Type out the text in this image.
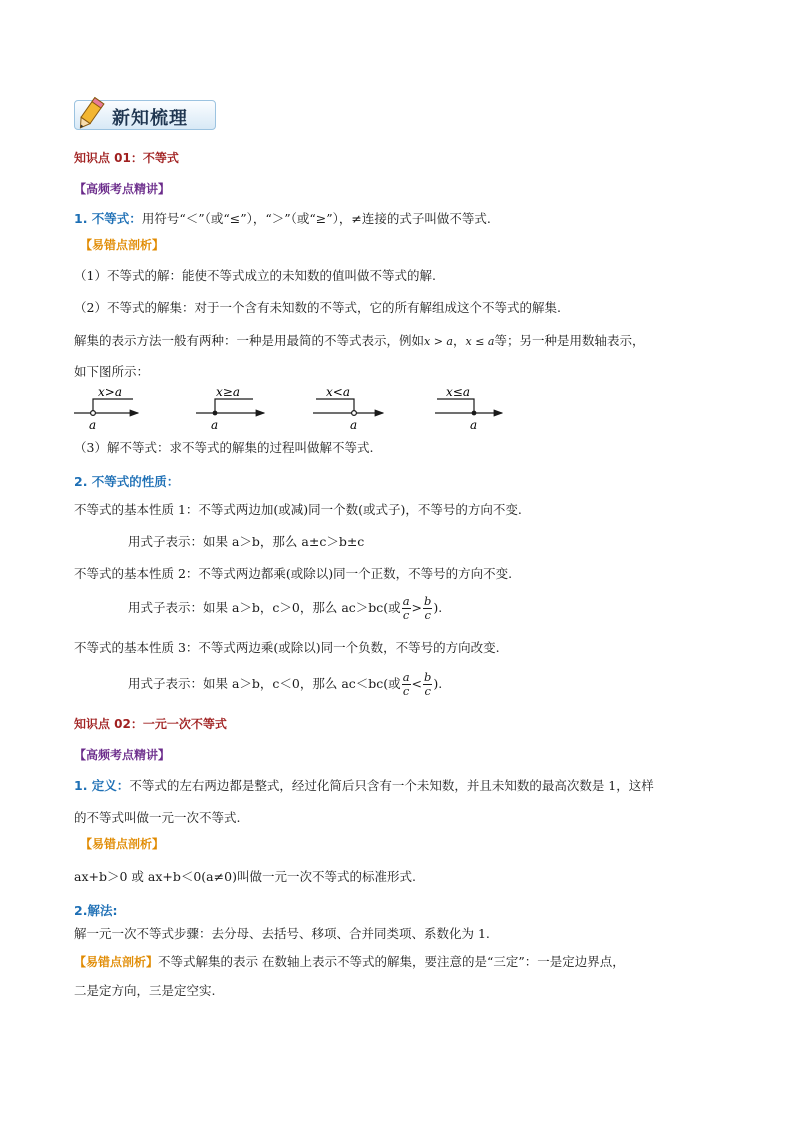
新知梳理
知识点 01：不等式
【高频考点精讲】
1. 不等式：用符号“＜”（或“≤”），“＞”（或“≥”），≠连接的式子叫做不等式.
【易错点剖析】
（1）不等式的解：能使不等式成立的未知数的值叫做不等式的解.
（2）不等式的解集：对于一个含有未知数的不等式，它的所有解组成这个不等式的解集.
解集的表示方法一般有两种：一种是用最简的不等式表示，例如x > a，x ≤ a等；另一种是用数轴表示，
如下图所示：
x>a
a
x≥a
a
x<a
a
x≤a
a
（3）解不等式：求不等式的解集的过程叫做解不等式.
2. 不等式的性质：
不等式的基本性质 1：不等式两边加(或减)同一个数(或式子)，不等号的方向不变.
用式子表示：如果 a＞b，那么 a±c＞b±c
不等式的基本性质 2：不等式两边都乘(或除以)同一个正数，不等号的方向不变.
用式子表示：如果 a＞b，c＞0，那么 ac＞bc(或 $\frac{a}{c} > \frac{b}{c}$ ).
不等式的基本性质 3：不等式两边乘(或除以)同一个负数，不等号的方向改变.
用式子表示：如果 a＞b，c＜0，那么 ac＜bc(或 $\frac{a}{c} < \frac{b}{c}$ ).
知识点 02：一元一次不等式
【高频考点精讲】
1. 定义：不等式的左右两边都是整式，经过化简后只含有一个未知数，并且未知数的最高次数是 1，这样
的不等式叫做一元一次不等式.
【易错点剖析】
ax+b＞0 或 ax+b＜0(a≠0)叫做一元一次不等式的标准形式.
2.解法:
解一元一次不等式步骤：去分母、去括号、移项、合并同类项、系数化为 1.
【易错点剖析】不等式解集的表示 在数轴上表示不等式的解集，要注意的是“三定”：一是定边界点，
二是定方向，三是定空实.
